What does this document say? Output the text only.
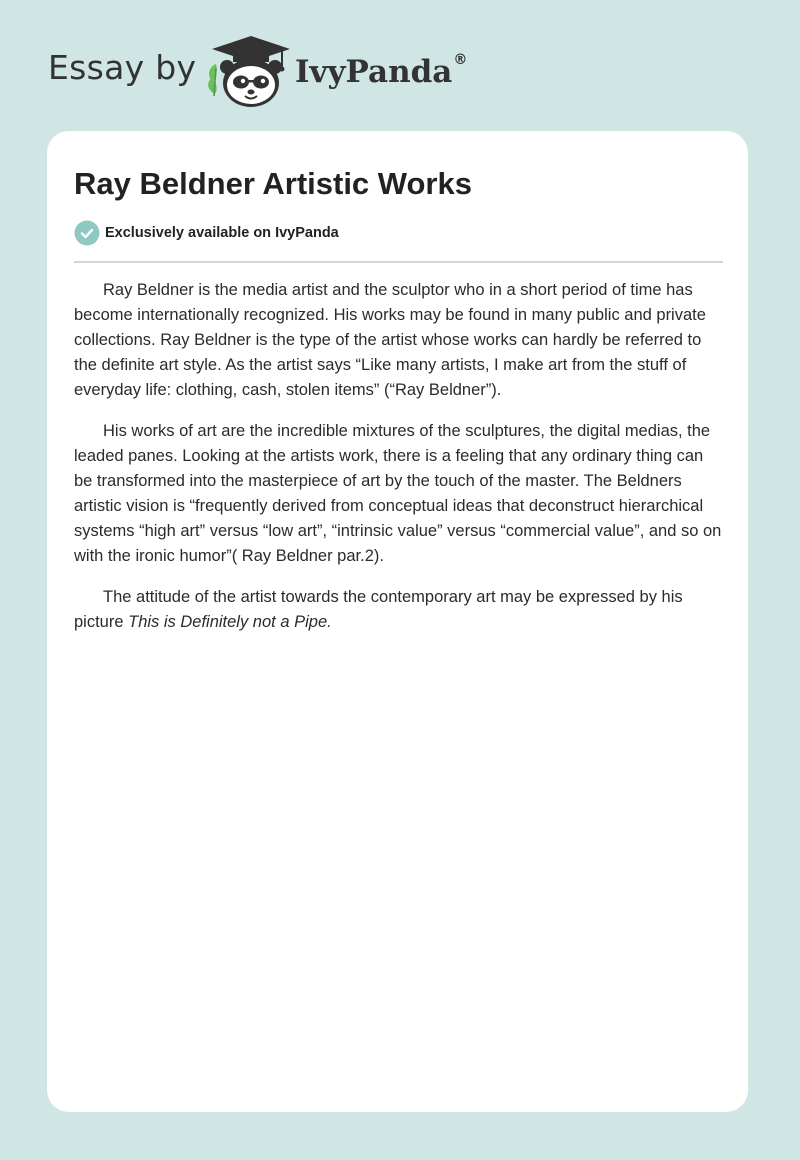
Essay by	IvyPanda®
Ray Beldner Artistic Works
Exclusively available on IvyPanda

Ray Beldner is the media artist and the sculptor who in a short period of time has become internationally recognized. His works may be found in many public and private collections. Ray Beldner is the type of the artist whose works can hardly be referred to the definite art style. As the artist says “Like many artists, I make art from the stuff of everyday life: clothing, cash, stolen items” (“Ray Beldner”).

His works of art are the incredible mixtures of the sculptures, the digital medias, the leaded panes. Looking at the artists work, there is a feeling that any ordinary thing can be transformed into the masterpiece of art by the touch of the master. The Beldners artistic vision is “frequently derived from conceptual ideas that deconstruct hierarchical systems “high art” versus “low art”, “intrinsic value” versus “commercial value”, and so on with the ironic humor”( Ray Beldner par.2).

The attitude of the artist towards the contemporary art may be expressed by his picture This is Definitely not a Pipe.
